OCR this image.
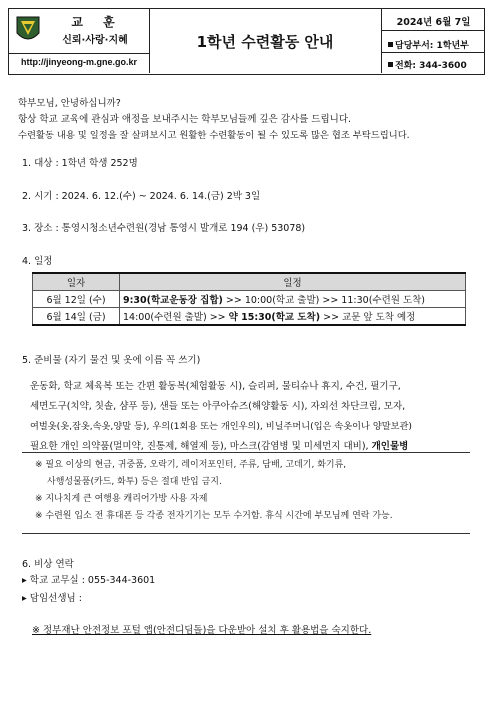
교 훈
신뢰·사랑·지혜
http://jinyeong-m.gne.go.kr
1학년 수련활동 안내
2024년 6월 7일
담당부서: 1학년부
전화: 344-3600
학부모님, 안녕하십니까?
항상 학교 교육에 관심과 애정을 보내주시는 학부모님들께 깊은 감사를 드립니다.
수련활동 내용 및 일정을 잘 살펴보시고 원활한 수련활동이 될 수 있도록 많은 협조 부탁드립니다.
1. 대상 : 1학년 학생 252명
2. 시기 : 2024. 6. 12.(수) ~ 2024. 6. 14.(금) 2박 3일
3. 장소 : 통영시청소년수련원(경남 통영시 발개로 194 (우) 53078)
4. 일정
일자	일정
6월 12일 (수)	9:30(학교운동장 집합) >> 10:00(학교 출발) >> 11:30(수련원 도착)
6월 14일 (금)	14:00(수련원 출발) >> 약 15:30(학교 도착) >> 교문 앞 도착 예정
5. 준비물 (자기 물건 및 옷에 이름 꼭 쓰기)
운동화, 학교 체육복 또는 간편 활동복(체험활동 시), 슬리퍼, 물티슈나 휴지, 수건, 필기구,
세면도구(치약, 칫솔, 샴푸 등), 샌들 또는 아쿠아슈즈(해양활동 시), 자외선 차단크림, 모자,
여벌옷(옷,잠옷,속옷,양말 등), 우의(1회용 또는 개인우의), 비닐주머니(입은 속옷이나 양말보관)
필요한 개인 의약품(멀미약, 진통제, 해열제 등), 마스크(감염병 및 미세먼지 대비), 개인물병
※ 필요 이상의 현금, 귀중품, 오락기, 레이저포인터, 주류, 담배, 고데기, 화기류,
사행성물품(카드, 화투) 등은 절대 반입 금지.
※ 지나치게 큰 여행용 캐리어가방 사용 자제
※ 수련원 입소 전 휴대폰 등 각종 전자기기는 모두 수거함. 휴식 시간에 부모님께 연락 가능.
6. 비상 연락
▸ 학교 교무실 : 055-344-3601
▸ 담임선생님 :
※ 정부재난 안전정보 포털 앱(안전디딤돌)을 다운받아 설치 후 활용법을 숙지한다.
